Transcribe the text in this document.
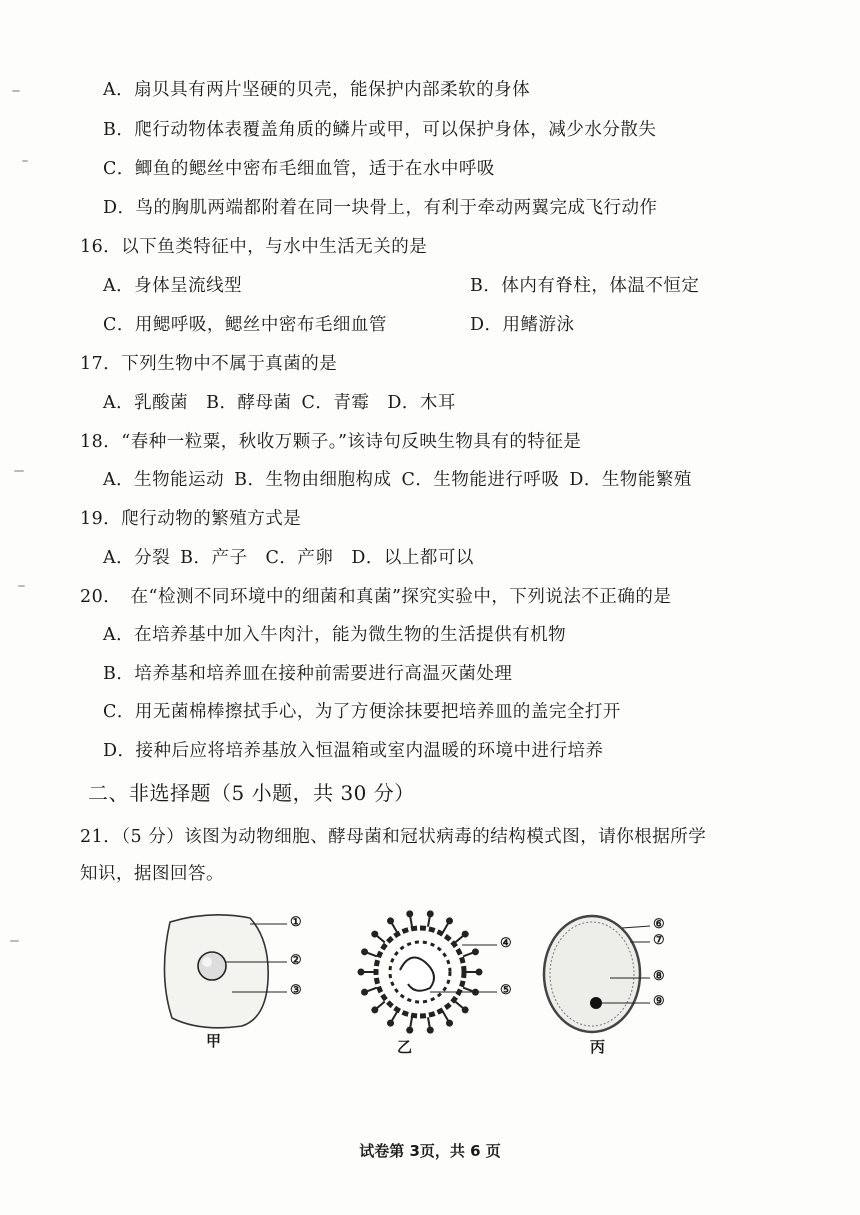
A．扇贝具有两片坚硬的贝壳，能保护内部柔软的身体
B．爬行动物体表覆盖角质的鳞片或甲，可以保护身体，减少水分散失
C．鲫鱼的鳃丝中密布毛细血管，适于在水中呼吸
D．鸟的胸肌两端都附着在同一块骨上，有利于牵动两翼完成飞行动作
16．以下鱼类特征中，与水中生活无关的是
A．身体呈流线型	B．体内有脊柱，体温不恒定
C．用鳃呼吸，鳃丝中密布毛细血管	D．用鳍游泳
17．下列生物中不属于真菌的是
A．乳酸菌 B．酵母菌 C．青霉 D．木耳
18．“春种一粒粟，秋收万颗子。”该诗句反映生物具有的特征是
A．生物能运动 B．生物由细胞构成 C．生物能进行呼吸 D．生物能繁殖
19．爬行动物的繁殖方式是
A．分裂 B．产子 C．产卵 D．以上都可以
20．　在“检测不同环境中的细菌和真菌”探究实验中，下列说法不正确的是
A．在培养基中加入牛肉汁，能为微生物的生活提供有机物
B．培养基和培养皿在接种前需要进行高温灭菌处理
C．用无菌棉棒擦拭手心，为了方便涂抹要把培养皿的盖完全打开
D．接种后应将培养基放入恒温箱或室内温暖的环境中进行培养
二、非选择题（5 小题，共 30 分）
21．（5 分）该图为动物细胞、酵母菌和冠状病毒的结构模式图，请你根据所学
知识，据图回答。
①
②
③
④
⑤
⑥
⑦
⑧
⑨
甲	乙	丙
试卷第 3页，共 6 页
